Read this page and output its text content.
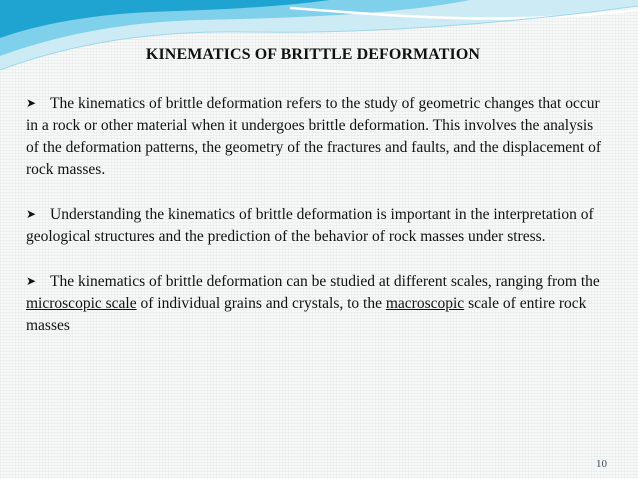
KINEMATICS OF BRITTLE DEFORMATION

➤ The kinematics of brittle deformation refers to the study of geometric changes that occur in a rock or other material when it undergoes brittle deformation. This involves the analysis of the deformation patterns, the geometry of the fractures and faults, and the displacement of rock masses.

➤ Understanding the kinematics of brittle deformation is important in the interpretation of geological structures and the prediction of the behavior of rock masses under stress.

➤ The kinematics of brittle deformation can be studied at different scales, ranging from the microscopic scale of individual grains and crystals, to the macroscopic scale of entire rock masses

10
